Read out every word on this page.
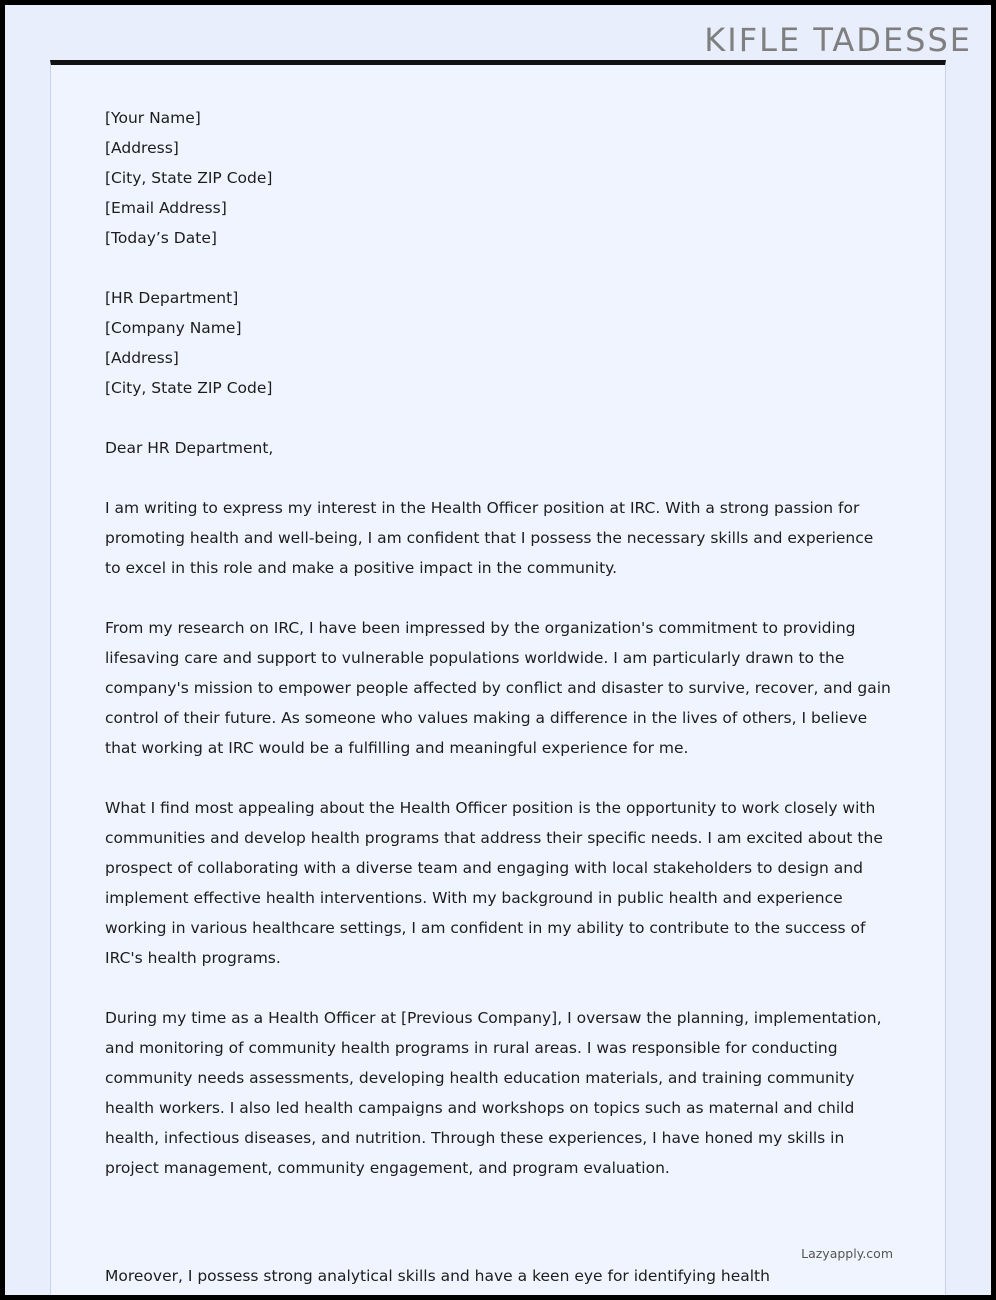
KIFLE TADESSE
[Your Name]
[Address]
[City, State ZIP Code]
[Email Address]
[Today’s Date]
[HR Department]
[Company Name]
[Address]
[City, State ZIP Code]
Dear HR Department,
I am writing to express my interest in the Health Officer position at IRC. With a strong passion for promoting health and well-being, I am confident that I possess the necessary skills and experience to excel in this role and make a positive impact in the community.
From my research on IRC, I have been impressed by the organization's commitment to providing lifesaving care and support to vulnerable populations worldwide. I am particularly drawn to the company's mission to empower people affected by conflict and disaster to survive, recover, and gain control of their future. As someone who values making a difference in the lives of others, I believe that working at IRC would be a fulfilling and meaningful experience for me.
What I find most appealing about the Health Officer position is the opportunity to work closely with communities and develop health programs that address their specific needs. I am excited about the prospect of collaborating with a diverse team and engaging with local stakeholders to design and implement effective health interventions. With my background in public health and experience working in various healthcare settings, I am confident in my ability to contribute to the success of IRC's health programs.
During my time as a Health Officer at [Previous Company], I oversaw the planning, implementation, and monitoring of community health programs in rural areas. I was responsible for conducting community needs assessments, developing health education materials, and training community health workers. I also led health campaigns and workshops on topics such as maternal and child health, infectious diseases, and nutrition. Through these experiences, I have honed my skills in project management, community engagement, and program evaluation.
Lazyapply.com
Moreover, I possess strong analytical skills and have a keen eye for identifying health
